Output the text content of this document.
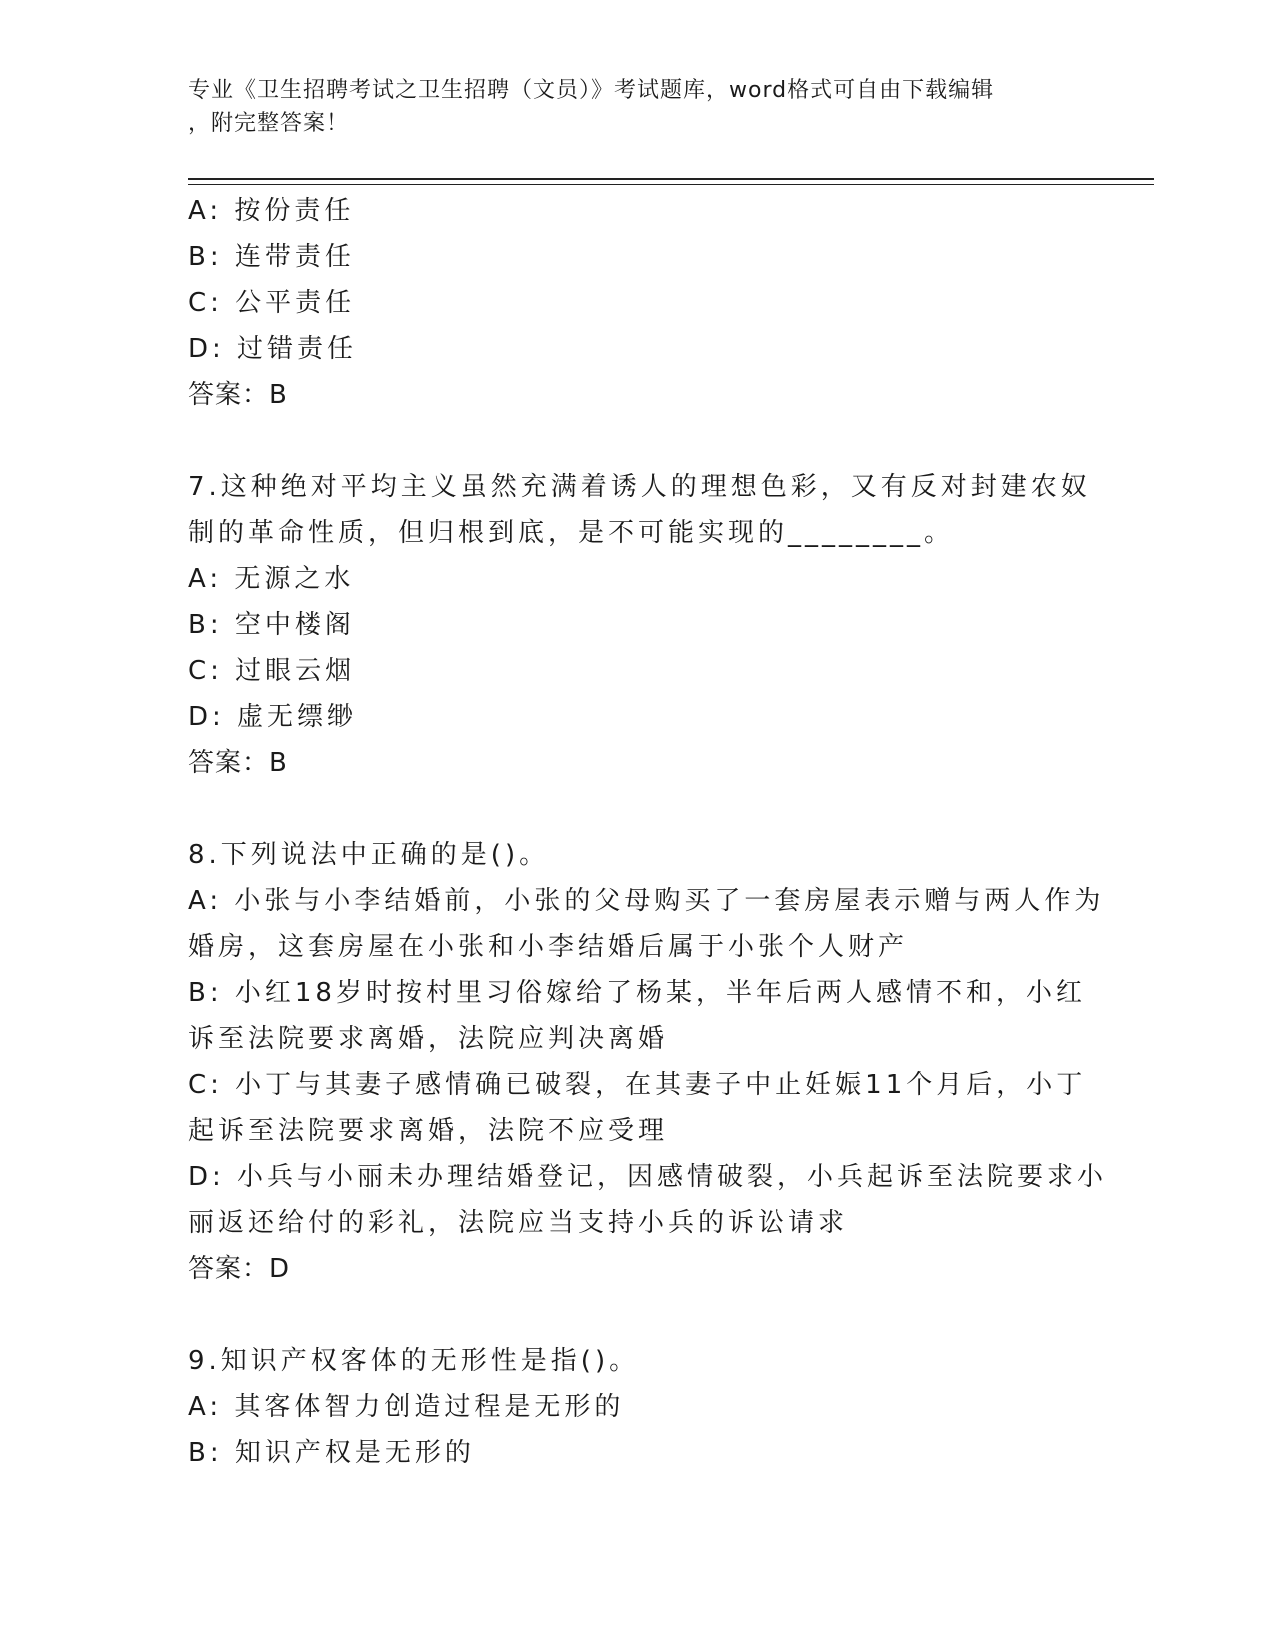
专业《卫生招聘考试之卫生招聘（文员）》考试题库，word格式可自由下载编辑
，附完整答案！
A: 按份责任
B: 连带责任
C: 公平责任
D: 过错责任
答案：B
7.这种绝对平均主义虽然充满着诱人的理想色彩，又有反对封建农奴
制的革命性质，但归根到底，是不可能实现的________。
A: 无源之水
B: 空中楼阁
C: 过眼云烟
D: 虚无缥缈
答案：B
8.下列说法中正确的是()。
A: 小张与小李结婚前，小张的父母购买了一套房屋表示赠与两人作为
婚房，这套房屋在小张和小李结婚后属于小张个人财产
B: 小红18岁时按村里习俗嫁给了杨某，半年后两人感情不和，小红
诉至法院要求离婚，法院应判决离婚
C: 小丁与其妻子感情确已破裂，在其妻子中止妊娠11个月后，小丁
起诉至法院要求离婚，法院不应受理
D: 小兵与小丽未办理结婚登记，因感情破裂，小兵起诉至法院要求小
丽返还给付的彩礼，法院应当支持小兵的诉讼请求
答案：D
9.知识产权客体的无形性是指()。
A: 其客体智力创造过程是无形的
B: 知识产权是无形的
